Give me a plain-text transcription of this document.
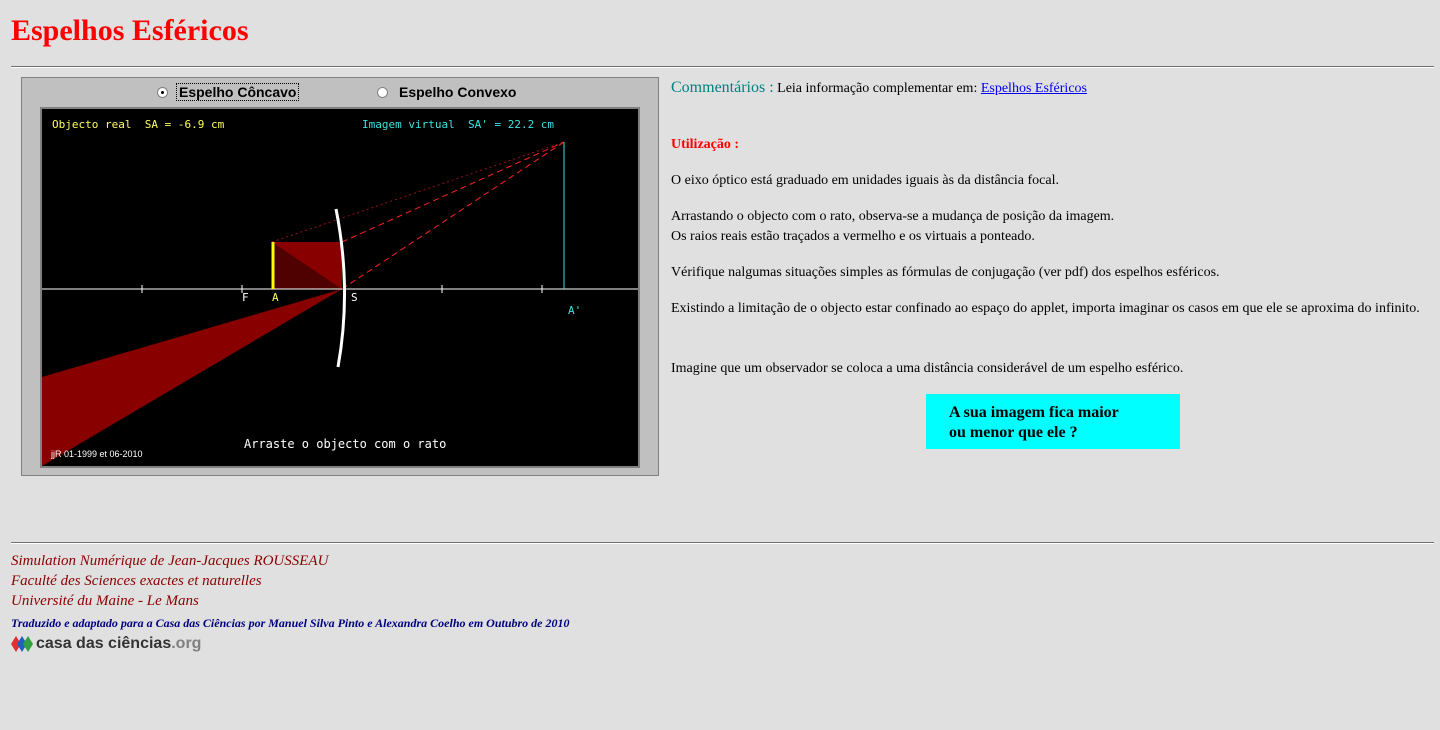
Espelhos Esféricos
Espelho Côncavo	Espelho Convexo
F A	S
A'
Objecto real  SA = -6.9 cm	Imagem virtual  SA' = 22.2 cm
Arraste o objecto com o rato
jjR 01-1999 et 06-2010

Commentários : Leia informação complementar em: Espelhos Esféricos

Utilização :

O eixo óptico está graduado em unidades iguais às da distância focal.

Arrastando o objecto com o rato, observa-se a mudança de posição da imagem.
Os raios reais estão traçados a vermelho e os virtuais a ponteado.

Vérifique nalgumas situações simples as fórmulas de conjugação (ver pdf) dos espelhos esféricos.

Existindo a limitação de o objecto estar confinado ao espaço do applet, importa imaginar os casos em que ele se aproxima do infinito.

Imagine que um observador se coloca a uma distância considerável de um espelho esférico.

A sua imagem fica maior
ou menor que ele ?

Simulation Numérique de Jean-Jacques ROUSSEAU

Faculté des Sciences exactes et naturelles

Université du Maine - Le Mans

Traduzido e adaptado para a Casa das Ciências por Manuel Silva Pinto e Alexandra Coelho em Outubro de 2010

casa das ciências .org
